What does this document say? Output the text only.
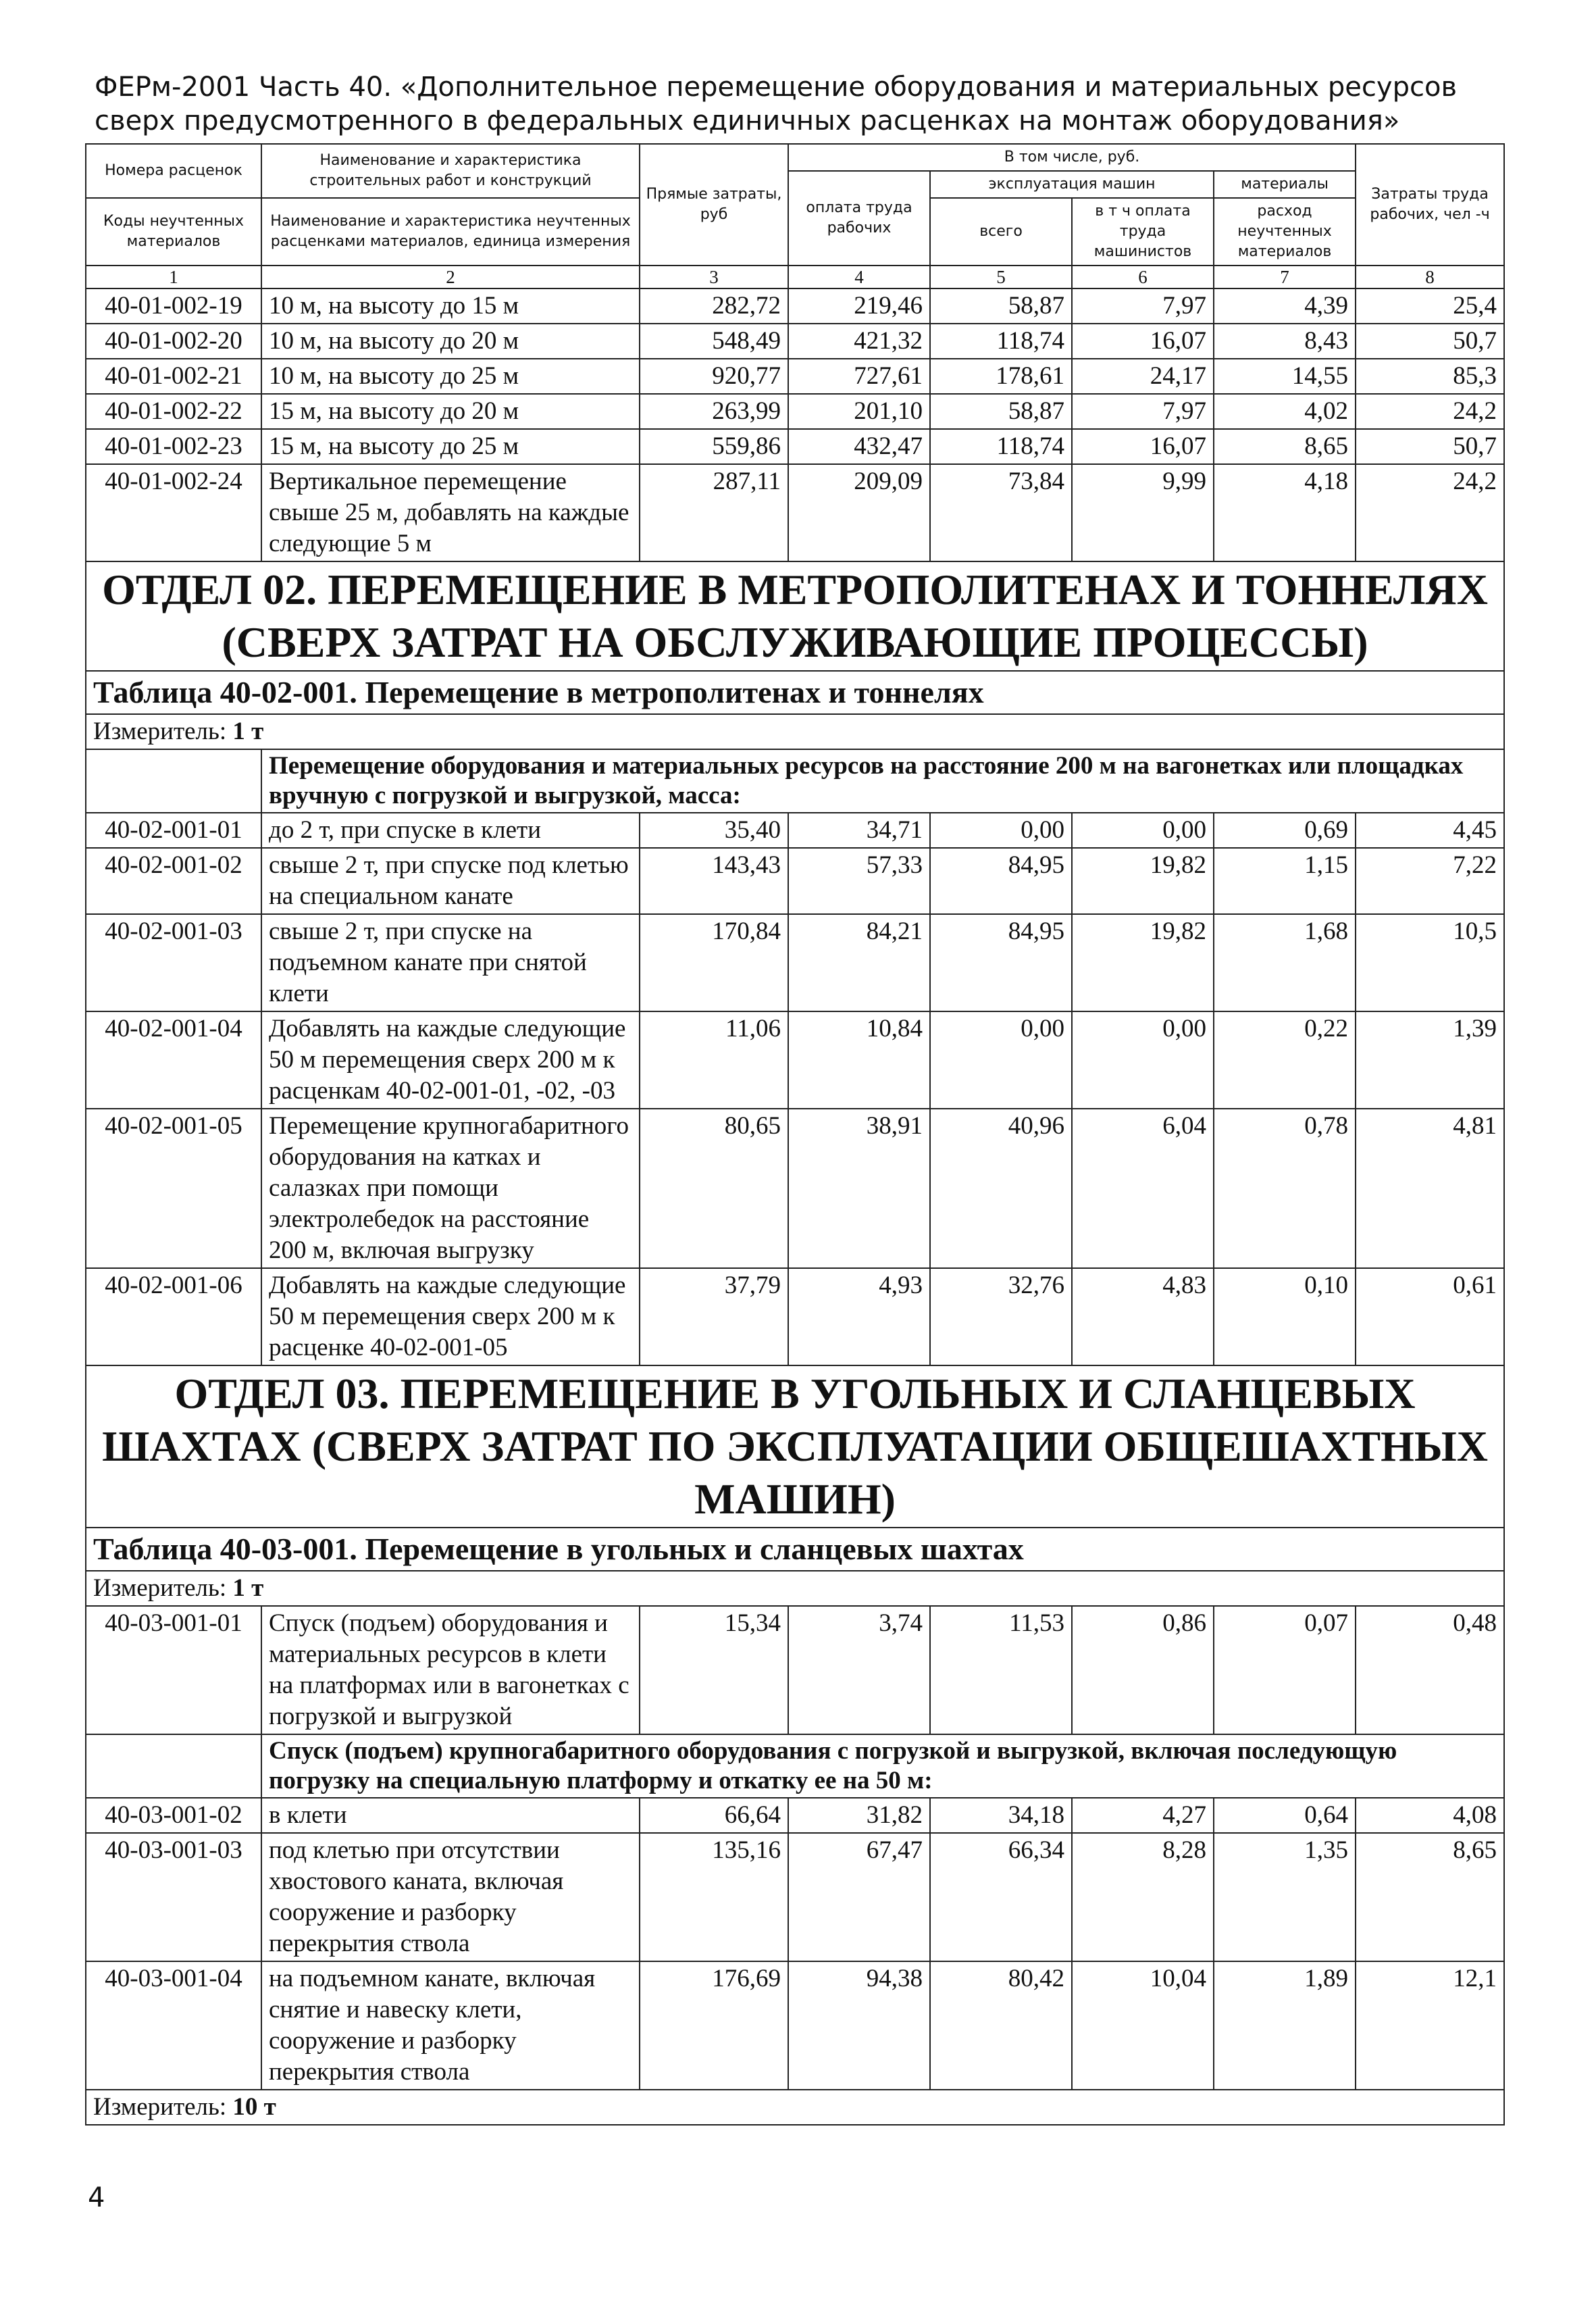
ФЕРм-2001 Часть 40. «Дополнительное перемещение оборудования и материальных ресурсов сверх предусмотренного в федеральных единичных расценках на монтаж оборудования»
Номера расценок	Наименование и характеристика строительных работ и конструкций	Прямые затраты, руб	В том числе, руб.				Затраты труда рабочих, чел -ч
			оплата труда рабочих	эксплуатация машин		материалы	
Коды неучтенных материалов	Наименование и характеристика неучтенных расценками материалов, единица измерения			всего	в т ч оплата труда машинистов	расход неучтенных материалов	

1	2	3	4	5	6	7	8
40-01-002-19	10 м, на высоту до 15 м	282,72	219,46	58,87	7,97	4,39	25,4
40-01-002-20	10 м, на высоту до 20 м	548,49	421,32	118,74	16,07	8,43	50,7
40-01-002-21	10 м, на высоту до 25 м	920,77	727,61	178,61	24,17	14,55	85,3
40-01-002-22	15 м, на высоту до 20 м	263,99	201,10	58,87	7,97	4,02	24,2
40-01-002-23	15 м, на высоту до 25 м	559,86	432,47	118,74	16,07	8,65	50,7
40-01-002-24	Вертикальное перемещение свыше 25 м, добавлять на каждые следующие 5 м	287,11	209,09	73,84	9,99	4,18	24,2
ОТДЕЛ 02. ПЕРЕМЕЩЕНИЕ В МЕТРОПОЛИТЕНАХ И ТОННЕЛЯХ (СВЕРХ ЗАТРАТ НА ОБСЛУЖИВАЮЩИЕ ПРОЦЕССЫ)							
Таблица 40-02-001. Перемещение в метрополитенах и тоннелях							
Измеритель: 1 т							
	Перемещение оборудования и материальных ресурсов на расстояние 200 м на вагонетках или площадках вручную с погрузкой и выгрузкой, масса:						
40-02-001-01	до 2 т, при спуске в клети	35,40	34,71	0,00	0,00	0,69	4,45
40-02-001-02	свыше 2 т, при спуске под клетью на специальном канате	143,43	57,33	84,95	19,82	1,15	7,22
40-02-001-03	свыше 2 т, при спуске на подъемном канате при снятой клети	170,84	84,21	84,95	19,82	1,68	10,5
40-02-001-04	Добавлять на каждые следующие 50 м перемещения сверх 200 м к расценкам 40-02-001-01, -02, -03	11,06	10,84	0,00	0,00	0,22	1,39
40-02-001-05	Перемещение крупногабаритного оборудования на катках и салазках при помощи электролебедок на расстояние 200 м, включая выгрузку	80,65	38,91	40,96	6,04	0,78	4,81
40-02-001-06	Добавлять на каждые следующие 50 м перемещения сверх 200 м к расценке 40-02-001-05	37,79	4,93	32,76	4,83	0,10	0,61
ОТДЕЛ 03. ПЕРЕМЕЩЕНИЕ В УГОЛЬНЫХ И СЛАНЦЕВЫХ ШАХТАХ (СВЕРХ ЗАТРАТ ПО ЭКСПЛУАТАЦИИ ОБЩЕШАХТНЫХ МАШИН)							
Таблица 40-03-001. Перемещение в угольных и сланцевых шахтах							
Измеритель: 1 т							
40-03-001-01	Спуск (подъем) оборудования и материальных ресурсов в клети на платформах или в вагонетках с погрузкой и выгрузкой	15,34	3,74	11,53	0,86	0,07	0,48
	Спуск (подъем) крупногабаритного оборудования с погрузкой и выгрузкой, включая последующую погрузку на специальную платформу и откатку ее на 50 м:						
40-03-001-02	в клети	66,64	31,82	34,18	4,27	0,64	4,08
40-03-001-03	под клетью при отсутствии хвостового каната, включая сооружение и разборку перекрытия ствола	135,16	67,47	66,34	8,28	1,35	8,65
40-03-001-04	на подъемном канате, включая снятие и навеску клети, сооружение и разборку перекрытия ствола	176,69	94,38	80,42	10,04	1,89	12,1
Измеритель: 10 т							
4
